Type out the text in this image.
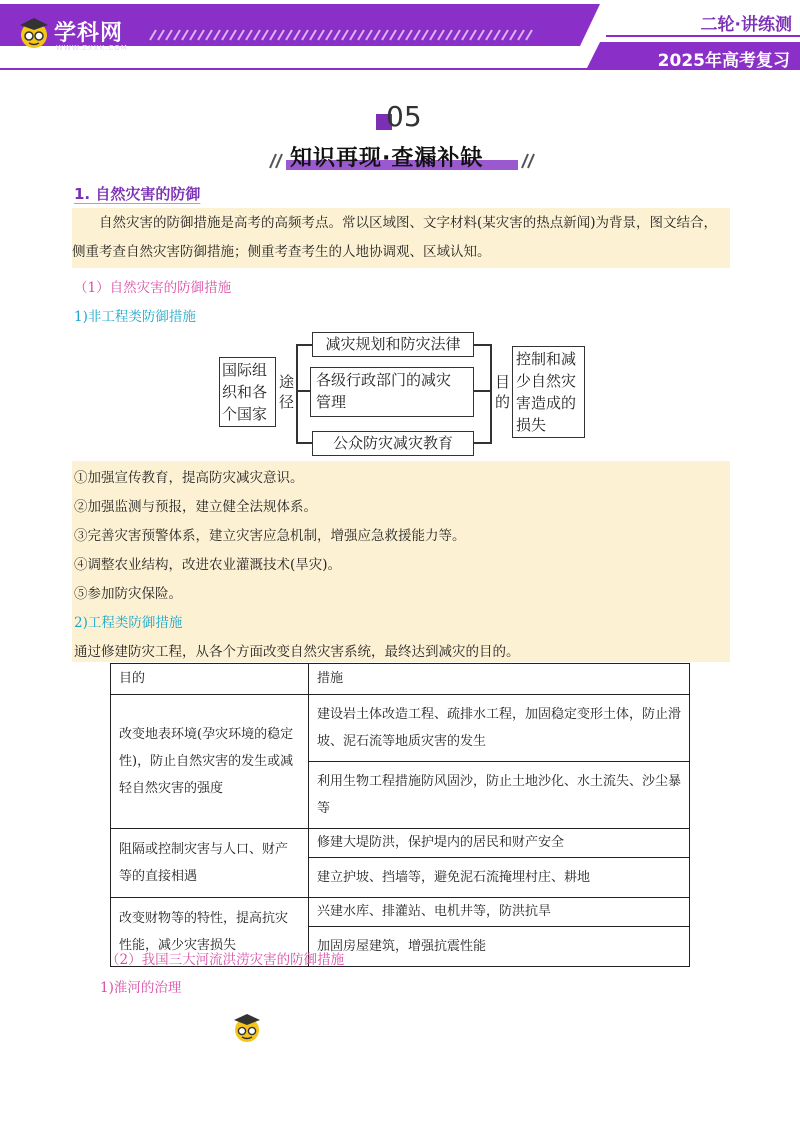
学科网
WWW.ZXXK.COM
二轮·讲练测
2025年高考复习
05
知识再现·查漏补缺
1. 自然灾害的防御
自然灾害的防御措施是高考的高频考点。常以区域图、文字材料(某灾害的热点新闻)为背景，图文结合，
侧重考查自然灾害防御措施；侧重考查考生的人地协调观、区域认知。
（1）自然灾害的防御措施
1)非工程类防御措施
国际组
织和各
个国家
途
径
减灾规划和防灾法律
各级行政部门的减灾
管理
公众防灾减灾教育
目
的
控制和减
少自然灾
害造成的
损失
①加强宣传教育，提高防灾减灾意识。
②加强监测与预报，建立健全法规体系。
③完善灾害预警体系，建立灾害应急机制，增强应急救援能力等。
④调整农业结构，改进农业灌溉技术(旱灾)。
⑤参加防灾保险。
2)工程类防御措施
通过修建防灾工程，从各个方面改变自然灾害系统，最终达到减灾的目的。
目的	措施
改变地表环境(孕灾环境的稳定性)，防止自然灾害的发生或减轻自然灾害的强度	建设岩土体改造工程、疏排水工程，加固稳定变形土体，防止滑坡、泥石流等地质灾害的发生
	利用生物工程措施防风固沙，防止土地沙化、水土流失、沙尘暴等
阻隔或控制灾害与人口、财产等的直接相遇	修建大堤防洪，保护堤内的居民和财产安全
	建立护坡、挡墙等，避免泥石流掩埋村庄、耕地
改变财物等的特性，提高抗灾性能，减少灾害损失	兴建水库、排灌站、电机井等，防洪抗旱
	加固房屋建筑，增强抗震性能
（2）我国三大河流洪涝灾害的防御措施
1)淮河的治理
